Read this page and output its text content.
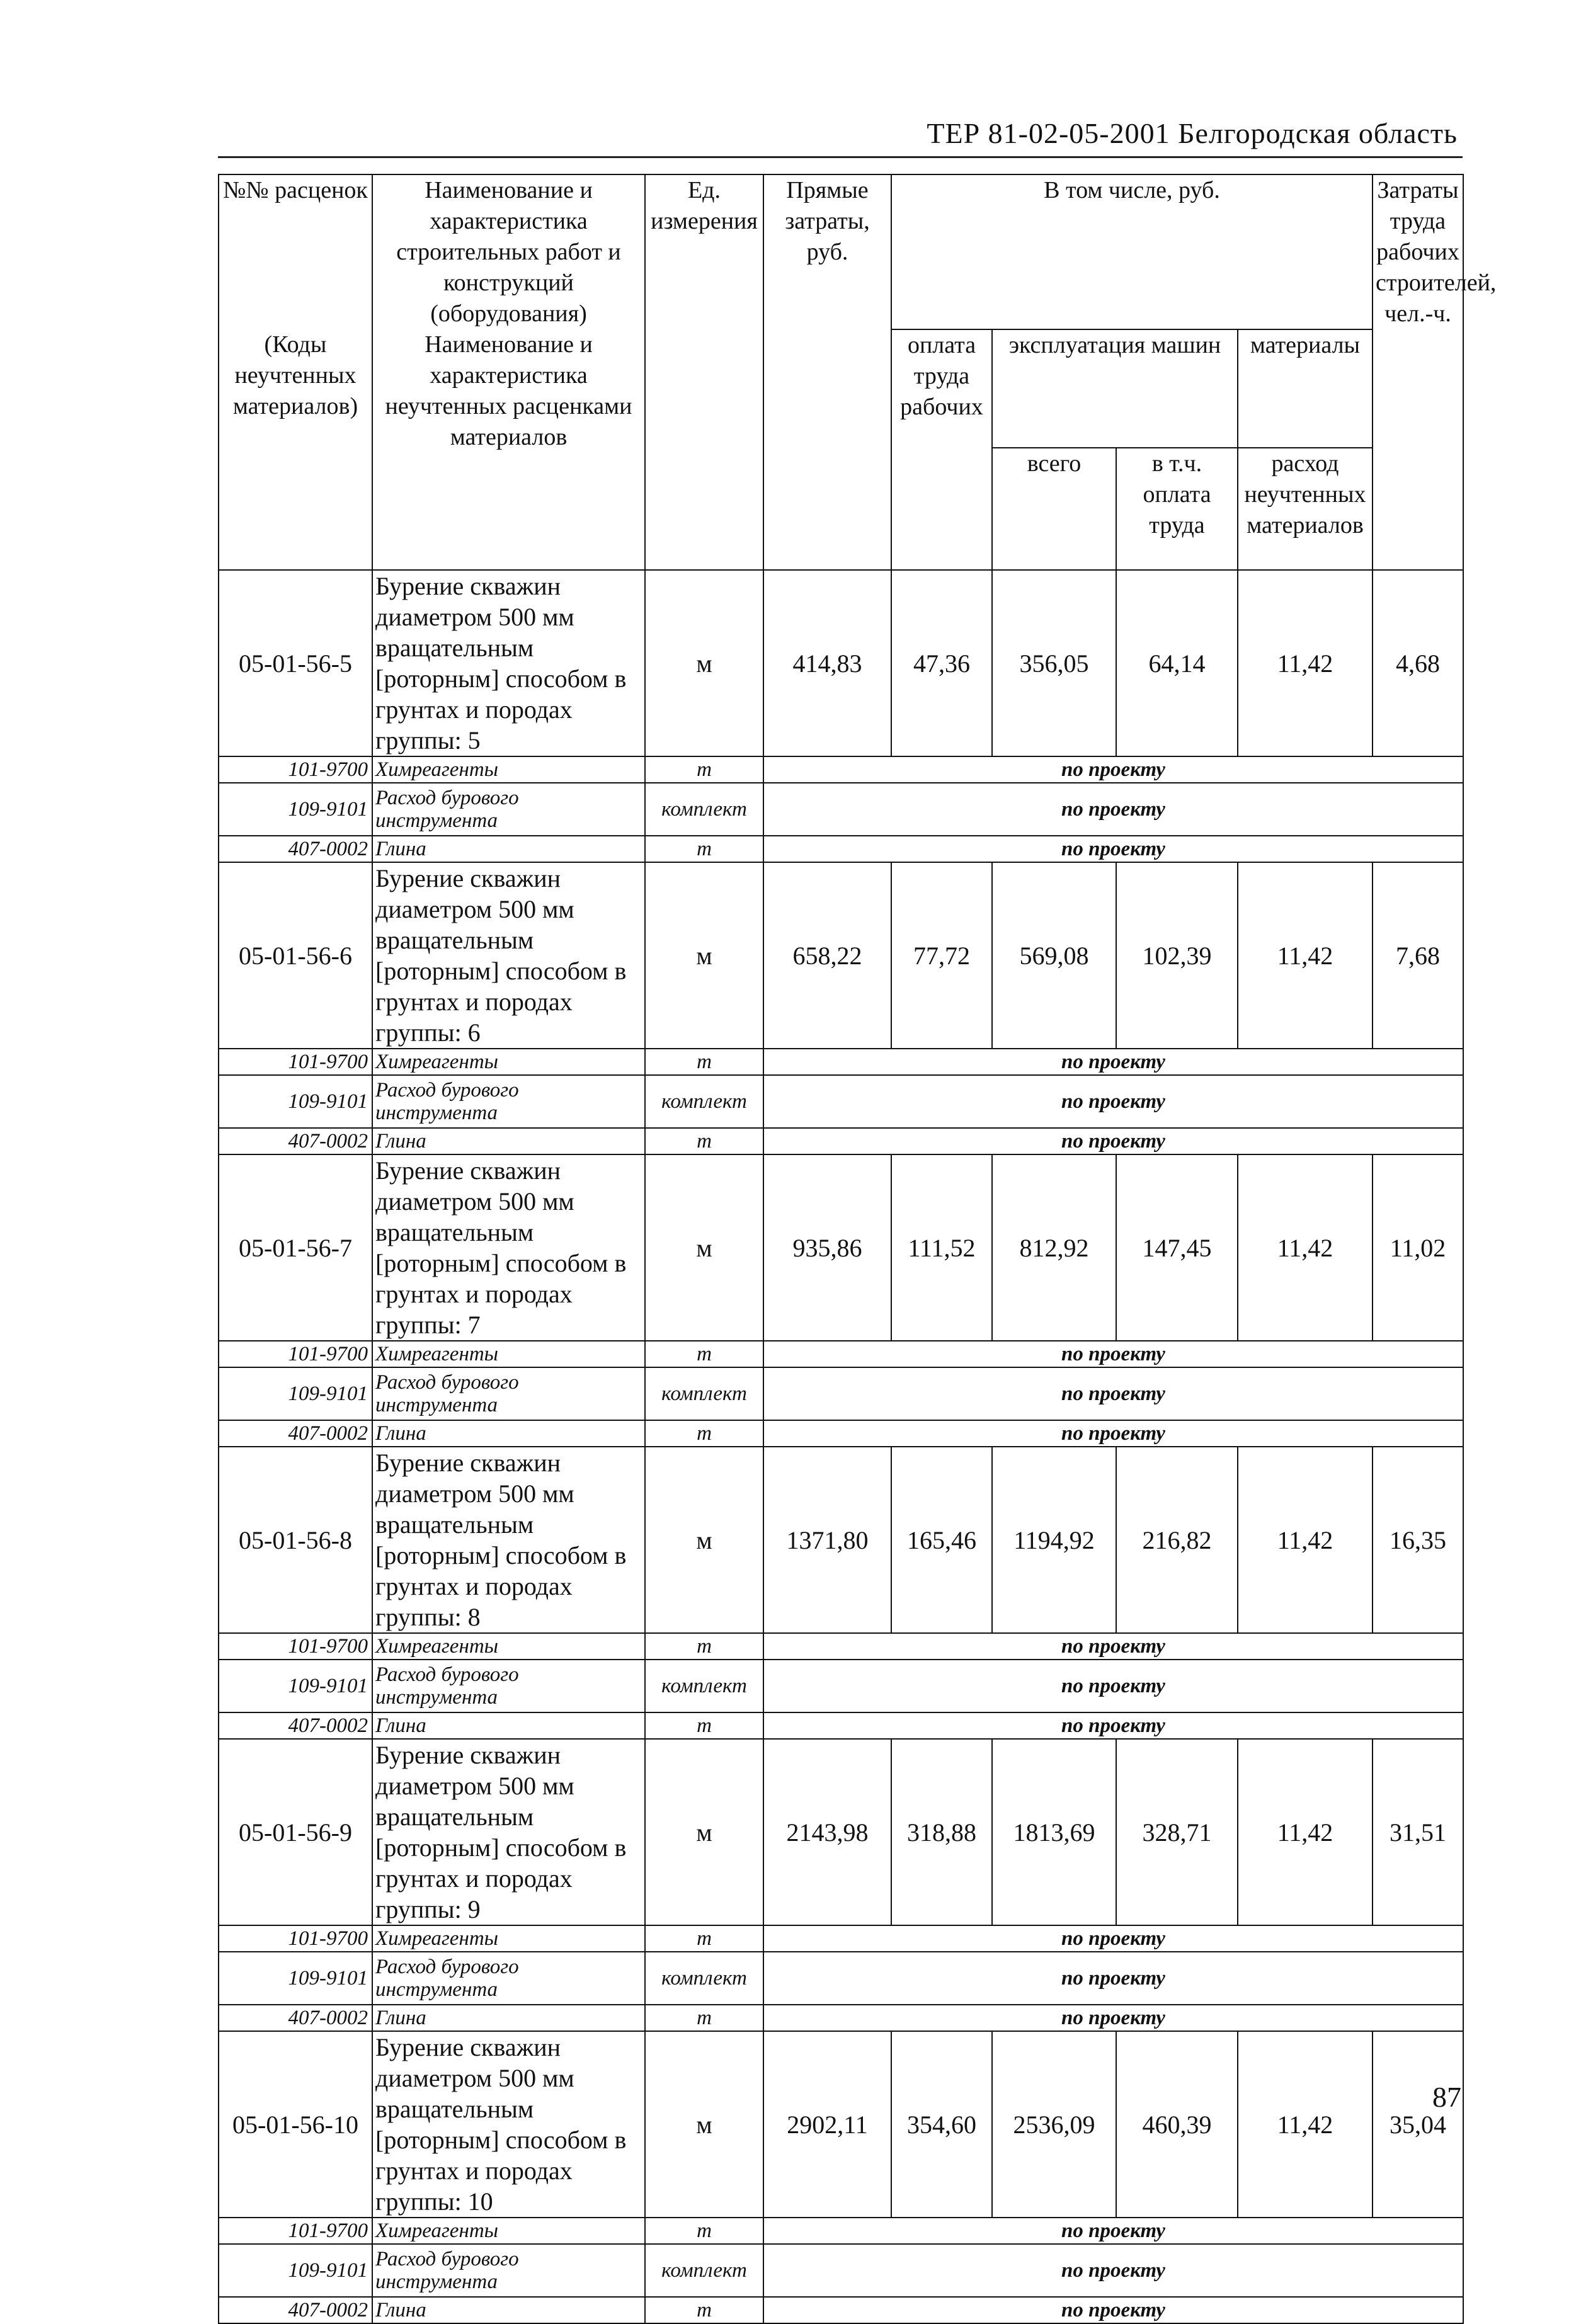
ТЕР 81-02-05-2001 Белгородская область
№№ расценок	Наименование и характеристика строительных работ и конструкций (оборудования)	Ед. измерения	Прямые затраты, руб.	В том числе, руб.				Затраты труда рабочих строителей, чел.-ч.
(Коды неучтенных материалов)	Наименование и характеристика неучтенных расценками материалов			оплата труда рабочих	эксплуатация машин		материалы	
					всего	в т.ч. оплата труда	расход неучтенных материалов	
05-01-56-5	Бурение скважин диаметром 500 мм вращательным [роторным] способом в грунтах и породах группы: 5	м	414,83	47,36	356,05	64,14	11,42	4,68
101-9700	Химреагенты	т	по проекту					
109-9101	Расход бурового инструмента	комплект	по проекту					
407-0002	Глина	т	по проекту					
05-01-56-6	Бурение скважин диаметром 500 мм вращательным [роторным] способом в грунтах и породах группы: 6	м	658,22	77,72	569,08	102,39	11,42	7,68
101-9700	Химреагенты	т	по проекту					
109-9101	Расход бурового инструмента	комплект	по проекту					
407-0002	Глина	т	по проекту					
05-01-56-7	Бурение скважин диаметром 500 мм вращательным [роторным] способом в грунтах и породах группы: 7	м	935,86	111,52	812,92	147,45	11,42	11,02
101-9700	Химреагенты	т	по проекту					
109-9101	Расход бурового инструмента	комплект	по проекту					
407-0002	Глина	т	по проекту					
05-01-56-8	Бурение скважин диаметром 500 мм вращательным [роторным] способом в грунтах и породах группы: 8	м	1371,80	165,46	1194,92	216,82	11,42	16,35
101-9700	Химреагенты	т	по проекту					
109-9101	Расход бурового инструмента	комплект	по проекту					
407-0002	Глина	т	по проекту					
05-01-56-9	Бурение скважин диаметром 500 мм вращательным [роторным] способом в грунтах и породах группы: 9	м	2143,98	318,88	1813,69	328,71	11,42	31,51
101-9700	Химреагенты	т	по проекту					
109-9101	Расход бурового инструмента	комплект	по проекту					
407-0002	Глина	т	по проекту					
05-01-56-10	Бурение скважин диаметром 500 мм вращательным [роторным] способом в грунтах и породах группы: 10	м	2902,11	354,60	2536,09	460,39	11,42	35,04
101-9700	Химреагенты	т	по проекту					
109-9101	Расход бурового инструмента	комплект	по проекту					
407-0002	Глина	т	по проекту					
87
